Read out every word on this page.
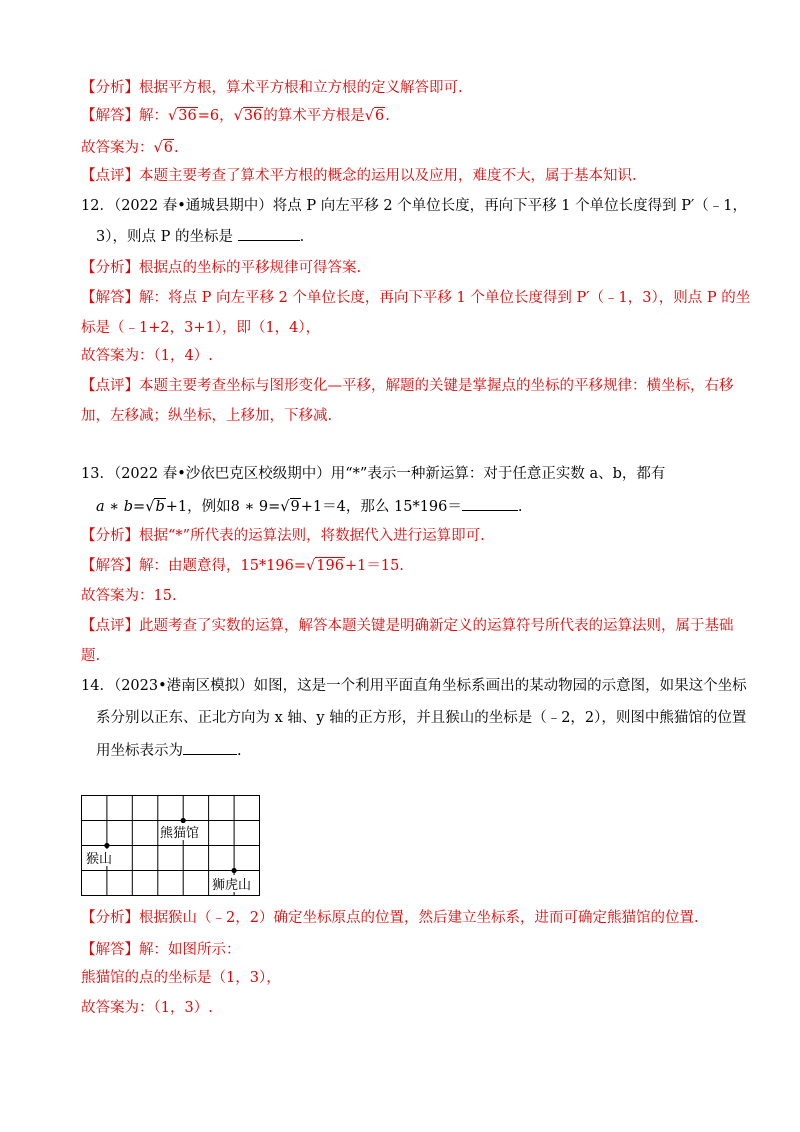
【分析】根据平方根，算术平方根和立方根的定义解答即可.
【解答】解：√36=6，√36的算术平方根是√6.
故答案为：√6.
【点评】本题主要考查了算术平方根的概念的运用以及应用，难度不大，属于基本知识.
12．（2022 春•通城县期中）将点 P 向左平移 2 个单位长度，再向下平移 1 个单位长度得到 P′（﹣1，
3），则点 P 的坐标是	.
【分析】根据点的坐标的平移规律可得答案.
【解答】解：将点 P 向左平移 2 个单位长度，再向下平移 1 个单位长度得到 P′（﹣1，3），则点 P 的坐
标是（﹣1+2，3+1），即（1，4），
故答案为：（1，4）.
【点评】本题主要考查坐标与图形变化—平移，解题的关键是掌握点的坐标的平移规律：横坐标，右移
加，左移减；纵坐标，上移加，下移减.
13．（2022 春•沙依巴克区校级期中）用“*”表示一种新运算：对于任意正实数 a、b，都有
a ∗ b=√b+1，例如8 ∗ 9=√9+1＝4，那么 15*196＝	.
【分析】根据“*”所代表的运算法则，将数据代入进行运算即可.
【解答】解：由题意得，15*196=√196+1＝15.
故答案为：15.
【点评】此题考查了实数的运算，解答本题关键是明确新定义的运算符号所代表的运算法则，属于基础
题.
14．（2023•港南区模拟）如图，这是一个利用平面直角坐标系画出的某动物园的示意图，如果这个坐标
系分别以正东、正北方向为 x 轴、y 轴的正方形，并且猴山的坐标是（﹣2，2），则图中熊猫馆的位置
用坐标表示为	.
熊猫馆
猴山
狮虎山
【分析】根据猴山（﹣2，2）确定坐标原点的位置，然后建立坐标系，进而可确定熊猫馆的位置.
【解答】解：如图所示：
熊猫馆的点的坐标是（1，3），
故答案为：（1，3）.
